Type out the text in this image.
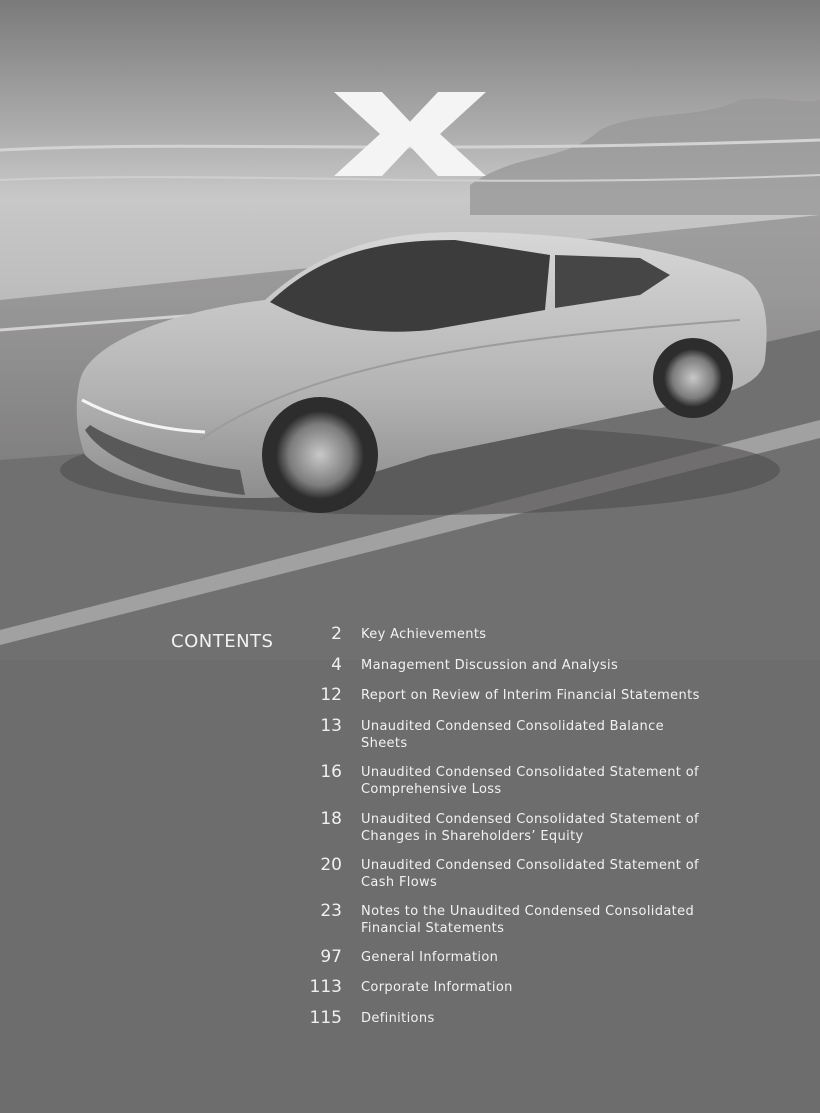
CONTENTS	2 Key Achievements
4 Management Discussion and Analysis
12 Report on Review of Interim Financial Statements
13 Unaudited Condensed Consolidated Balance Sheets
16 Unaudited Condensed Consolidated Statement of Comprehensive Loss
18 Unaudited Condensed Consolidated Statement of Changes in Shareholders’ Equity
20 Unaudited Condensed Consolidated Statement of Cash Flows
23 Notes to the Unaudited Condensed Consolidated Financial Statements
97 General Information
113 Corporate Information
115 Definitions
